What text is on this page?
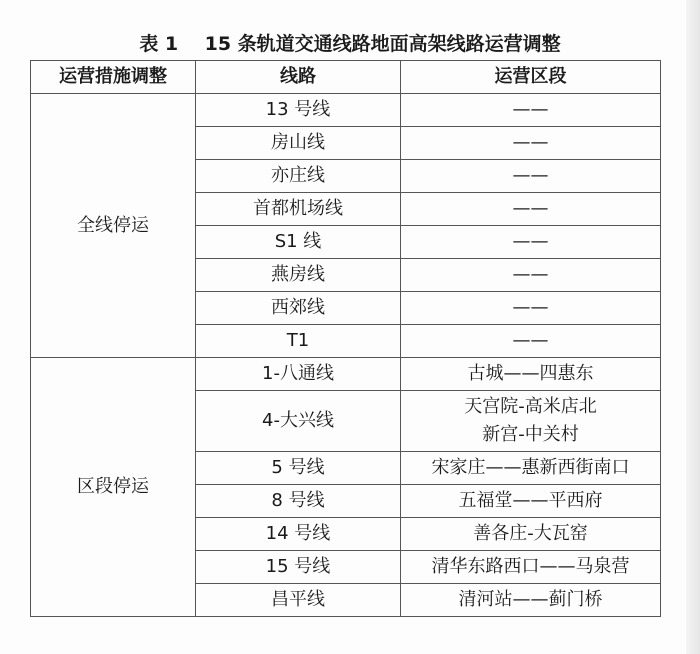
表 1    15 条轨道交通线路地面高架线路运营调整
运营措施调整	线路	运营区段
全线停运	13 号线	——
	房山线	——
	亦庄线	——
	首都机场线	——
	S1 线	——
	燕房线	——
	西郊线	——
	T1	——
区段停运	1-八通线	古城——四惠东
	4-大兴线	天宫院-高米店北
新宫-中关村

	5 号线	宋家庄——惠新西街南口
	8 号线	五福堂——平西府
	14 号线	善各庄-大瓦窑
	15 号线	清华东路西口——马泉营
	昌平线	清河站——蓟门桥
